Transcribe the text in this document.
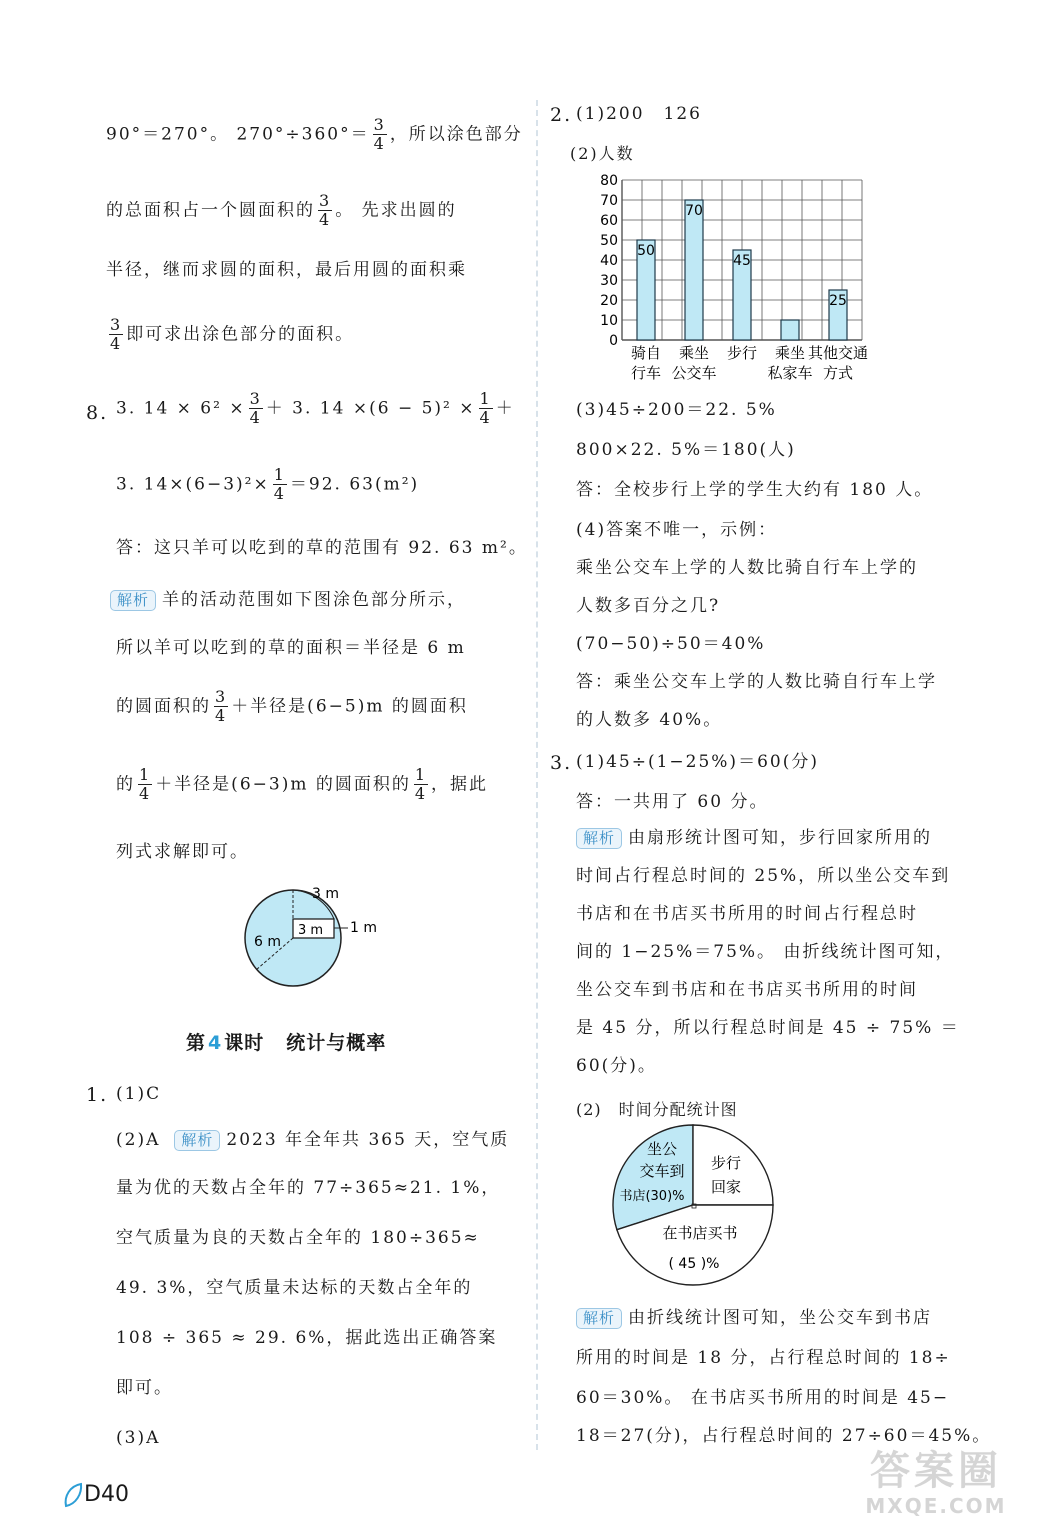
90°＝270°。 $270^\circ\div 360^\circ= \frac{3}{4}$ ，所以涂色部分
的总面积占一个圆面积的 $\frac{3}{4}$ 。 先求出圆的
半径，继而求圆的面积，最后用圆的面积乘
$\frac{3}{4}$ 即可求出涂色部分的面积。
8. 3. $14 \times 6^2 \times \frac{3}{4} + 3$. $14 \times(6 - 5)^2 \times \frac{1}{4}$ ＋
3. $14\times(6-3)^2\times \frac{1}{4} =92$. 63(m²)
答：这只羊可以吃到的草的范围有 92. 63 m²。
解析 羊的活动范围如下图涂色部分所示，
所以羊可以吃到的草的面积＝半径是 6 m
的圆面积的 $\frac{3}{4}$ ＋半径是(6−5)m 的圆面积
的 $\frac{1}{4}$ ＋半径是(6−3)m 的圆面积的 $\frac{1}{4}$ ，据此
列式求解即可。
6 m
3 m
3 m
1 m
第 4 课时 统计与概率
1. (1)C
(2)A 解析 2023 年全年共 365 天，空气质
量为优的天数占全年的 77÷365≈21. 1%，
空气质量为良的天数占全年的 180÷365≈
49. 3%，空气质量未达标的天数占全年的
108 ÷ 365 ≈ 29. 6%，据此选出正确答案
即可。
(3)A
2. (1)200　126
(2)人数
0
10
20
30
40
50
60
70
80
50
70
45
25
骑自
行车
乘坐
公交车
步行 乘坐
私家车
其他交通
方式
(3)45÷200＝22. 5%
800×22. 5%＝180(人)
答：全校步行上学的学生大约有 180 人。
(4)答案不唯一，示例：
乘坐公交车上学的人数比骑自行车上学的
人数多百分之几?
(70−50)÷50＝40%
答：乘坐公交车上学的人数比骑自行车上学
的人数多 40%。
3. (1)45÷(1−25%)＝60(分)
答：一共用了 60 分。
解析 由扇形统计图可知，步行回家所用的
时间占行程总时间的 25%，所以坐公交车到
书店和在书店买书所用的时间占行程总时
间的 1−25%＝75%。 由折线统计图可知，
坐公交车到书店和在书店买书所用的时间
是 45 分，所以行程总时间是 45 ÷ 75% ＝
60(分)。
(2)　时间分配统计图
坐公
交车到
书店(30)%
步行
回家
在书店买书
( 45 )%
解析 由折线统计图可知，坐公交车到书店
所用的时间是 18 分，占行程总时间的 18÷
60＝30%。 在书店买书所用的时间是 45−
18＝27(分)，占行程总时间的 27÷60＝45%。
D40
答案圈
MXQE.COM
